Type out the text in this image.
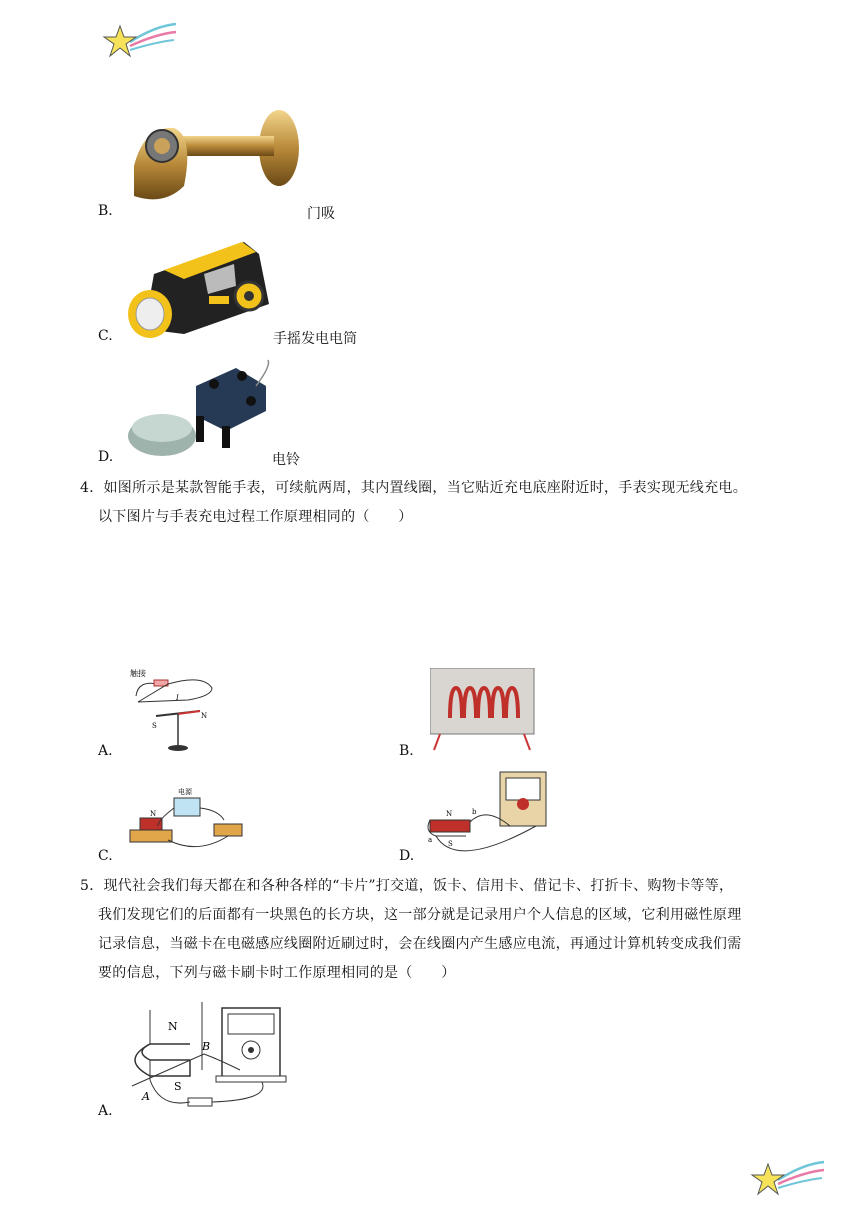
B.	门吸
C.	手摇发电电筒
D.	电铃
4．如图所示是某款智能手表，可续航两周，其内置线圈，当它贴近充电底座附近时，手表实现无线充电。
以下图片与手表充电过程工作原理相同的（　　）
触接
I
S
N
A.	B.
电源
N
C.
N
S
b
a
D.
5．现代社会我们每天都在和各种各样的“卡片”打交道，饭卡、信用卡、借记卡、打折卡、购物卡等等，
我们发现它们的后面都有一块黑色的长方块，这一部分就是记录用户个人信息的区域，它利用磁性原理
记录信息，当磁卡在电磁感应线圈附近刷过时，会在线圈内产生感应电流，再通过计算机转变成我们需
要的信息，下列与磁卡刷卡时工作原理相同的是（　　）
N
S
B
A
A.
